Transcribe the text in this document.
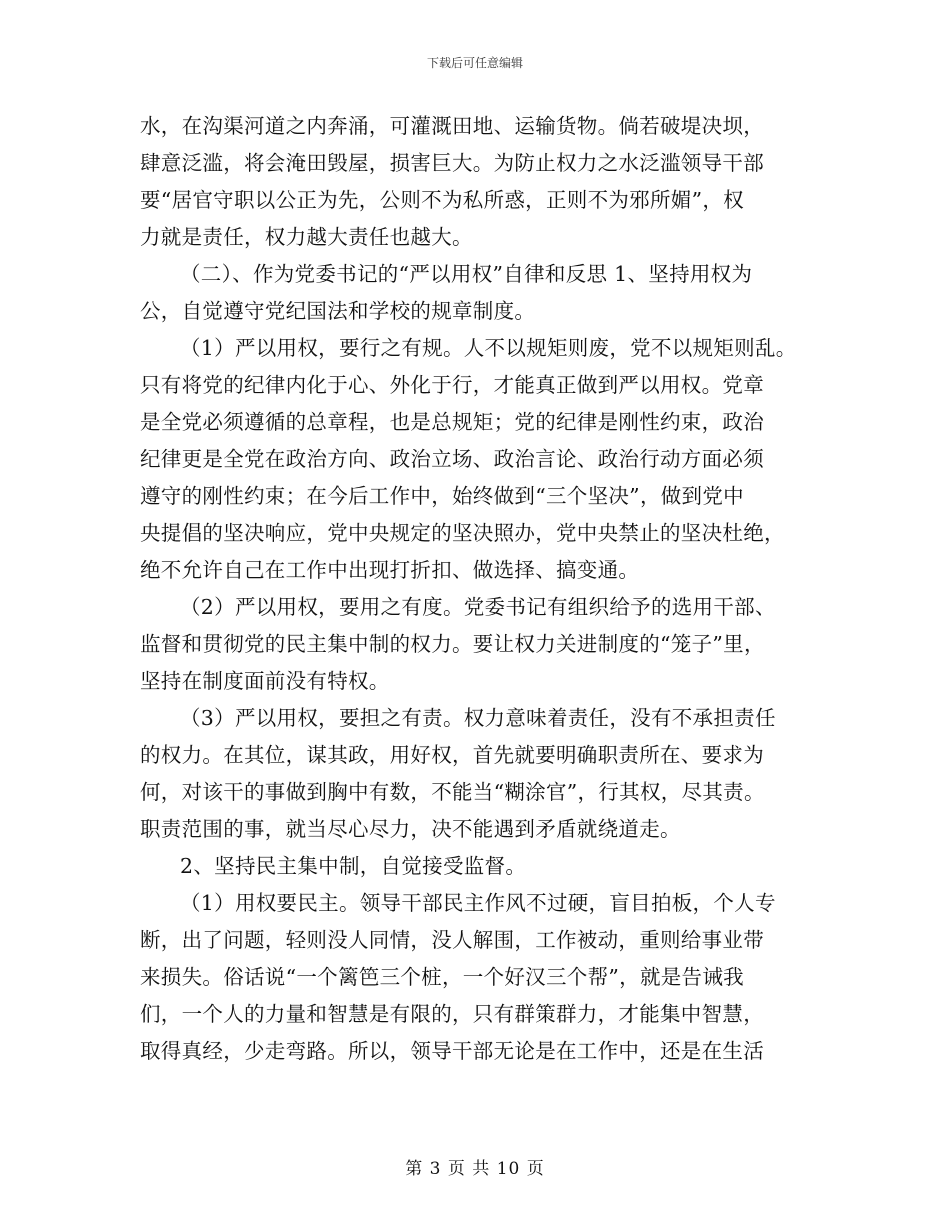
下载后可任意编辑
水，在沟渠河道之内奔涌，可灌溉田地、运输货物。倘若破堤决坝，
肆意泛滥，将会淹田毁屋，损害巨大。为防止权力之水泛滥领导干部
要“居官守职以公正为先，公则不为私所惑，正则不为邪所媚”，权
力就是责任，权力越大责任也越大。
（二）、作为党委书记的“严以用权”自律和反思 1、坚持用权为
公，自觉遵守党纪国法和学校的规章制度。
（1）严以用权，要行之有规。人不以规矩则废，党不以规矩则乱。
只有将党的纪律内化于心、外化于行，才能真正做到严以用权。党章
是全党必须遵循的总章程，也是总规矩；党的纪律是刚性约束，政治
纪律更是全党在政治方向、政治立场、政治言论、政治行动方面必须
遵守的刚性约束；在今后工作中，始终做到“三个坚决”，做到党中
央提倡的坚决响应，党中央规定的坚决照办，党中央禁止的坚决杜绝，
绝不允许自己在工作中出现打折扣、做选择、搞变通。
（2）严以用权，要用之有度。党委书记有组织给予的选用干部、
监督和贯彻党的民主集中制的权力。要让权力关进制度的“笼子”里，
坚持在制度面前没有特权。
（3）严以用权，要担之有责。权力意味着责任，没有不承担责任
的权力。在其位，谋其政，用好权，首先就要明确职责所在、要求为
何，对该干的事做到胸中有数，不能当“糊涂官”，行其权，尽其责。
职责范围的事，就当尽心尽力，决不能遇到矛盾就绕道走。
2、坚持民主集中制，自觉接受监督。
（1）用权要民主。领导干部民主作风不过硬，盲目拍板，个人专
断，出了问题，轻则没人同情，没人解围，工作被动，重则给事业带
来损失。俗话说“一个篱笆三个桩，一个好汉三个帮”，就是告诫我
们，一个人的力量和智慧是有限的，只有群策群力，才能集中智慧，
取得真经，少走弯路。所以，领导干部无论是在工作中，还是在生活
第 3 页 共 10 页
